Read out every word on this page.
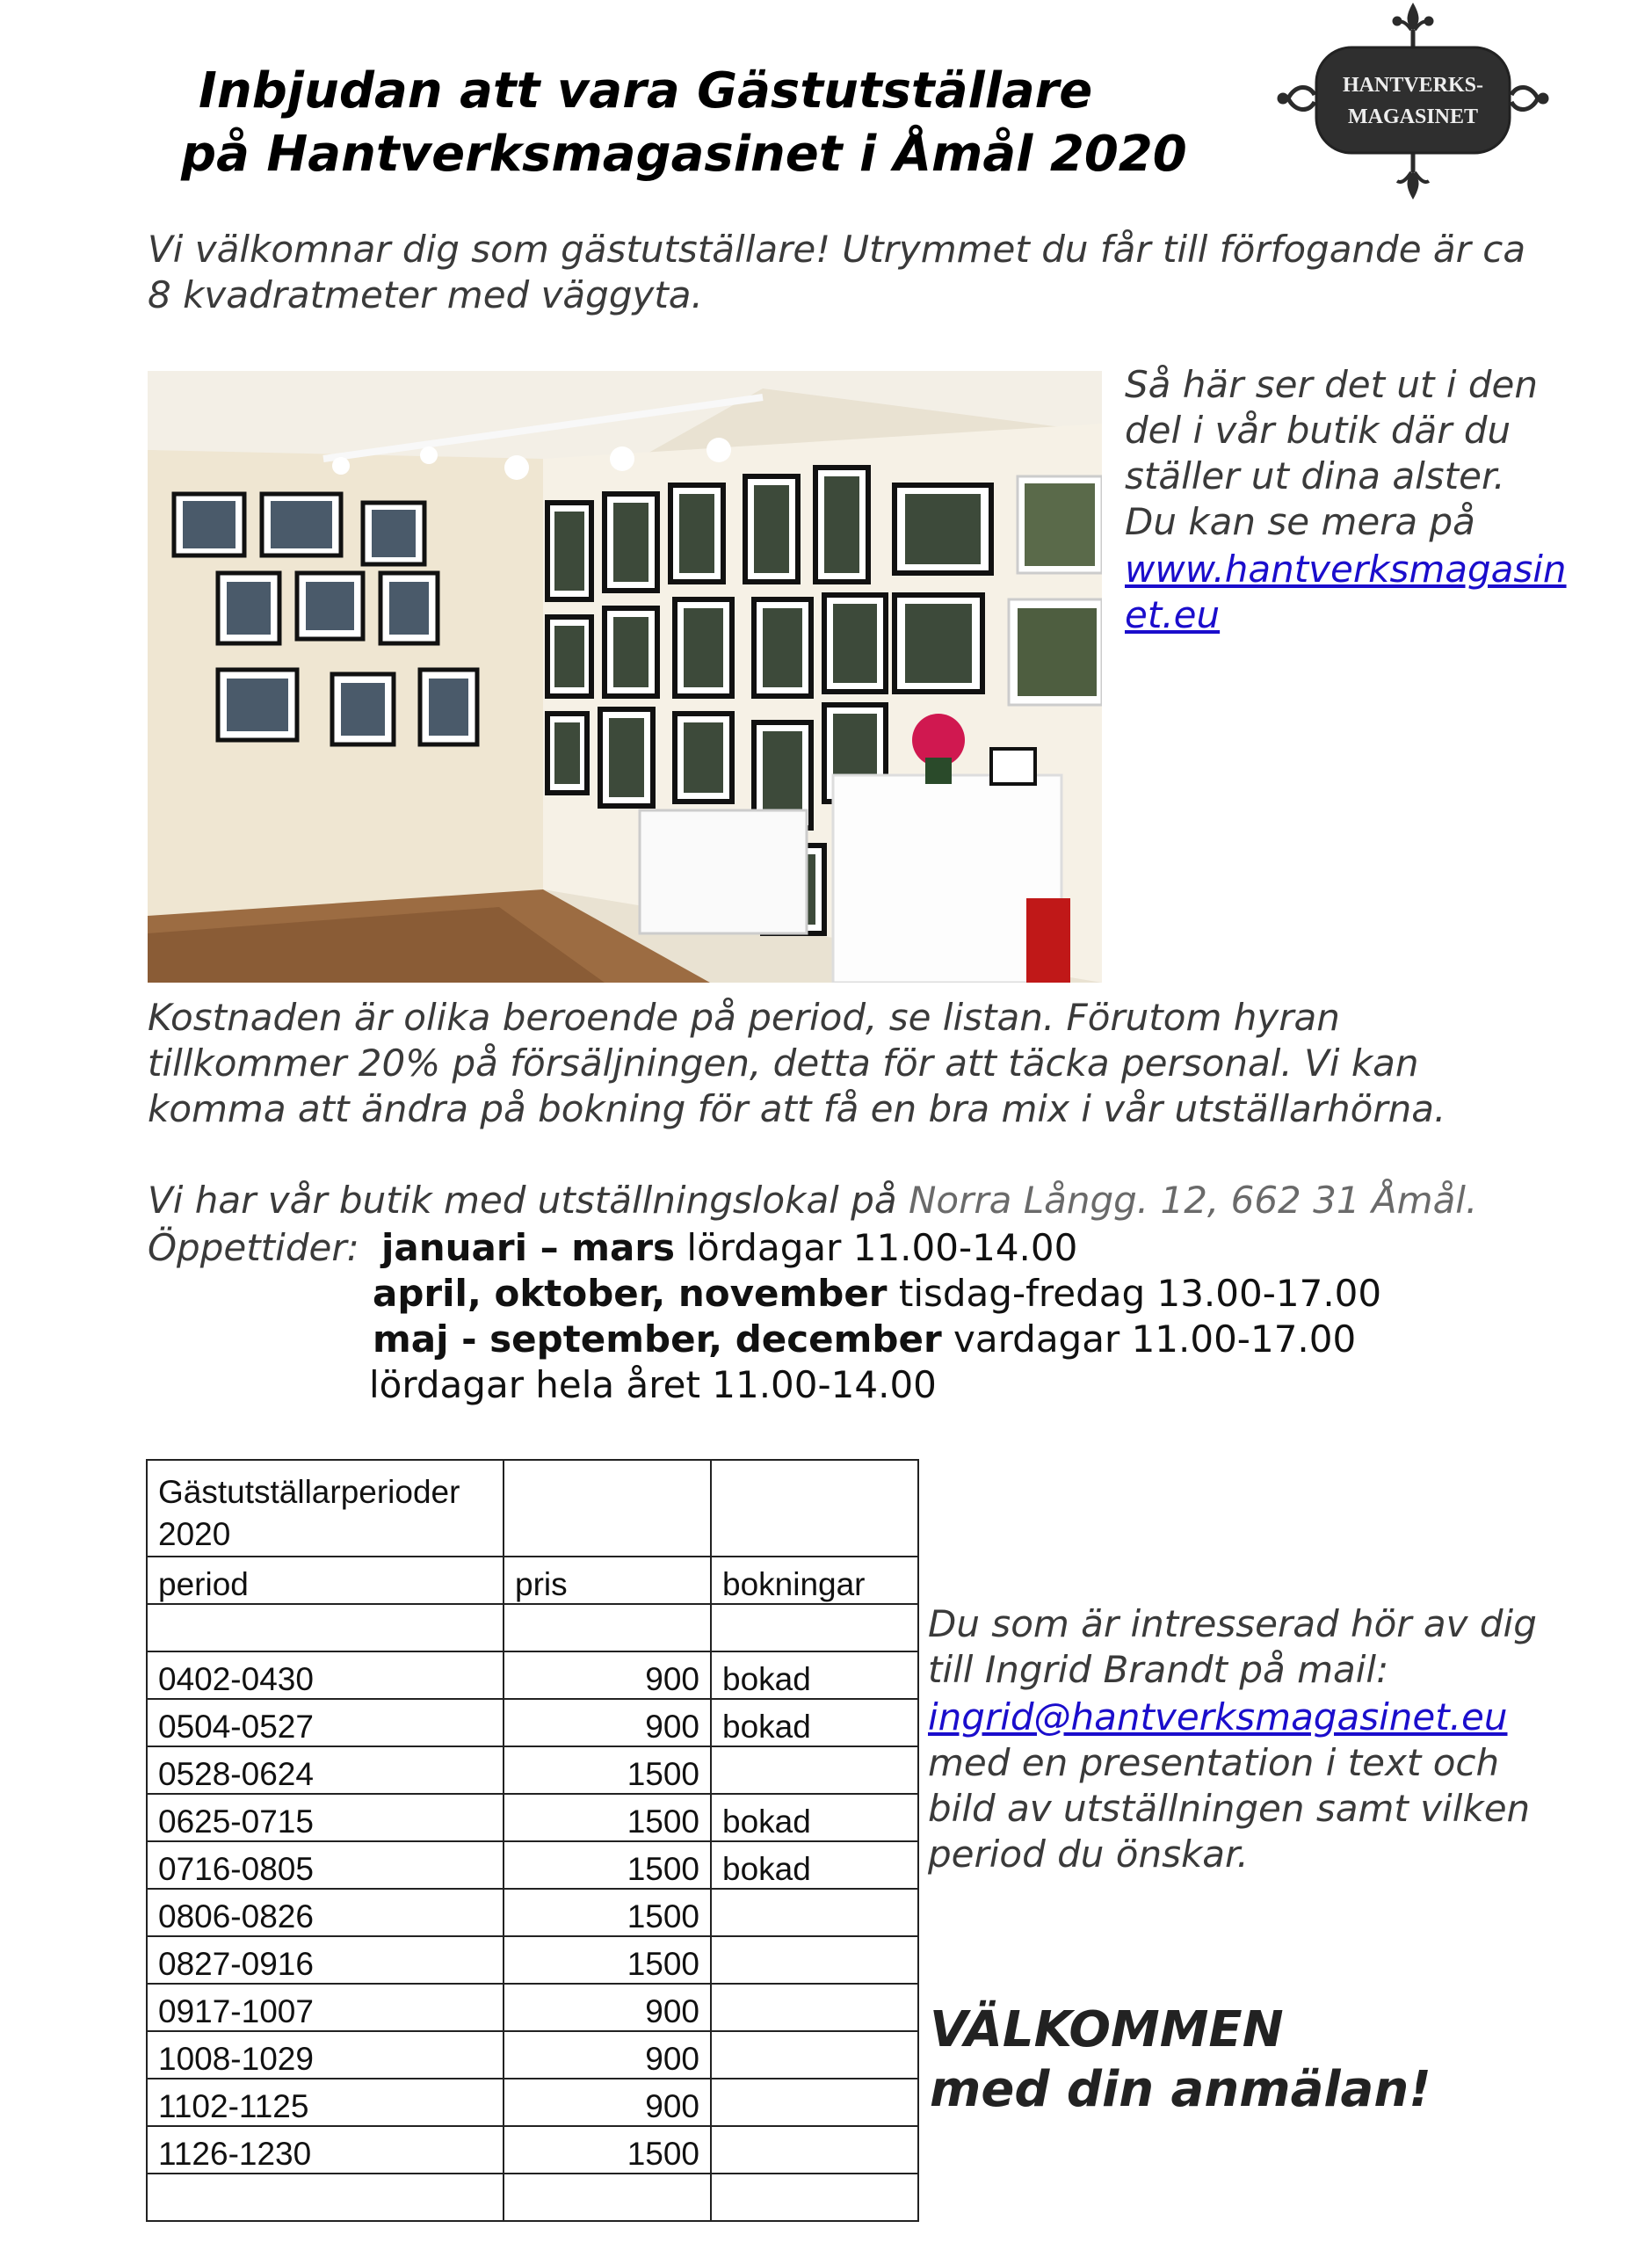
Inbjudan att vara Gästutställare
på Hantverksmagasinet i Åmål 2020
HANTVERKS-
MAGASINET
Vi välkomnar dig som gästutställare! Utrymmet du får till förfogande är ca
8 kvadratmeter med väggyta.
Så här ser det ut i den
del i vår butik där du
ställer ut dina alster.
Du kan se mera på
www.hantverksmagasin
et.eu
Kostnaden är olika beroende på period, se listan. Förutom hyran
tillkommer 20% på försäljningen, detta för att täcka personal. Vi kan
komma att ändra på bokning för att få en bra mix i vår utställarhörna.
Vi har vår butik med utställningslokal på Norra Långg. 12, 662 31 Åmål.
Öppettider: januari – mars lördagar 11.00-14.00
april, oktober, november tisdag-fredag 13.00-17.00
maj - september, december vardagar 11.00-17.00
lördagar hela året 11.00-14.00
Gästutställarperioder
2020		

period	pris	bokningar

0402-0430	900	bokad
0504-0527	900	bokad
0528-0624	1500	
0625-0715	1500	bokad
0716-0805	1500	bokad
0806-0826	1500	
0827-0916	1500	
0917-1007	900	
1008-1029	900	
1102-1125	900	
1126-1230	1500	

Du som är intresserad hör av dig
till Ingrid Brandt på mail:
ingrid@hantverksmagasinet.eu
med en presentation i text och
bild av utställningen samt vilken
period du önskar.
VÄLKOMMEN
med din anmälan!
